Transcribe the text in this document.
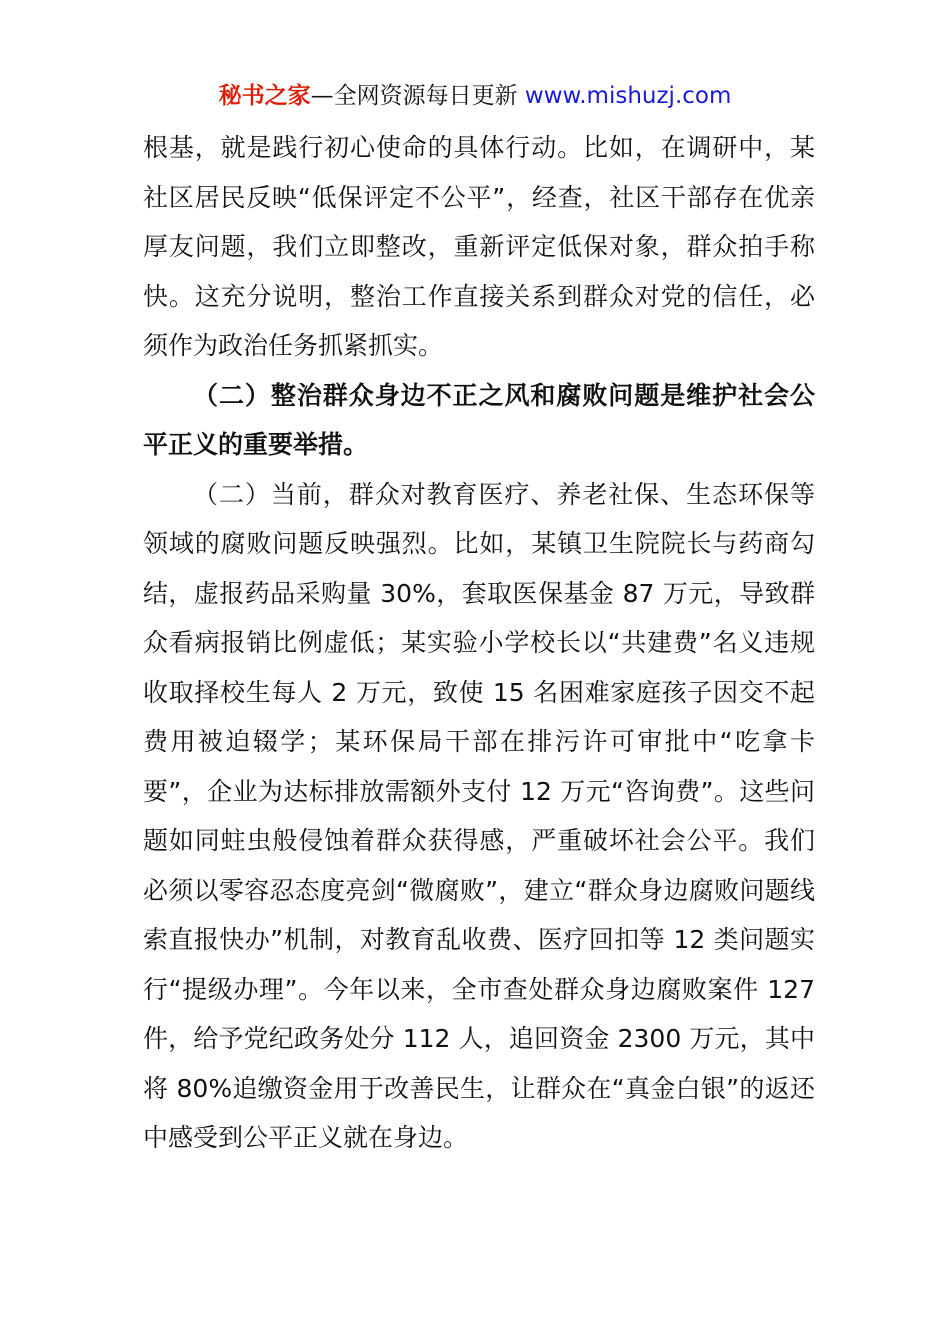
秘书之家—全网资源每日更新 www.mishuzj.com

根基，就是践行初心使命的具体行动。比如，在调研中，某社区居民反映“低保评定不公平”，经查，社区干部存在优亲厚友问题，我们立即整改，重新评定低保对象，群众拍手称快。这充分说明，整治工作直接关系到群众对党的信任，必须作为政治任务抓紧抓实。

（二）整治群众身边不正之风和腐败问题是维护社会公平正义的重要举措。

（二）当前，群众对教育医疗、养老社保、生态环保等领域的腐败问题反映强烈。比如，某镇卫生院院长与药商勾结，虚报药品采购量 30%，套取医保基金 87 万元，导致群众看病报销比例虚低；某实验小学校长以“共建费”名义违规收取择校生每人 2 万元，致使 15 名困难家庭孩子因交不起费用被迫辍学；某环保局干部在排污许可审批中“吃拿卡要”，企业为达标排放需额外支付 12 万元“咨询费”。这些问题如同蛀虫般侵蚀着群众获得感，严重破坏社会公平。我们必须以零容忍态度亮剑“微腐败”，建立“群众身边腐败问题线索直报快办”机制，对教育乱收费、医疗回扣等 12 类问题实行“提级办理”。今年以来，全市查处群众身边腐败案件 127 件，给予党纪政务处分 112 人，追回资金 2300 万元，其中将 80%追缴资金用于改善民生，让群众在“真金白银”的返还中感受到公平正义就在身边。
